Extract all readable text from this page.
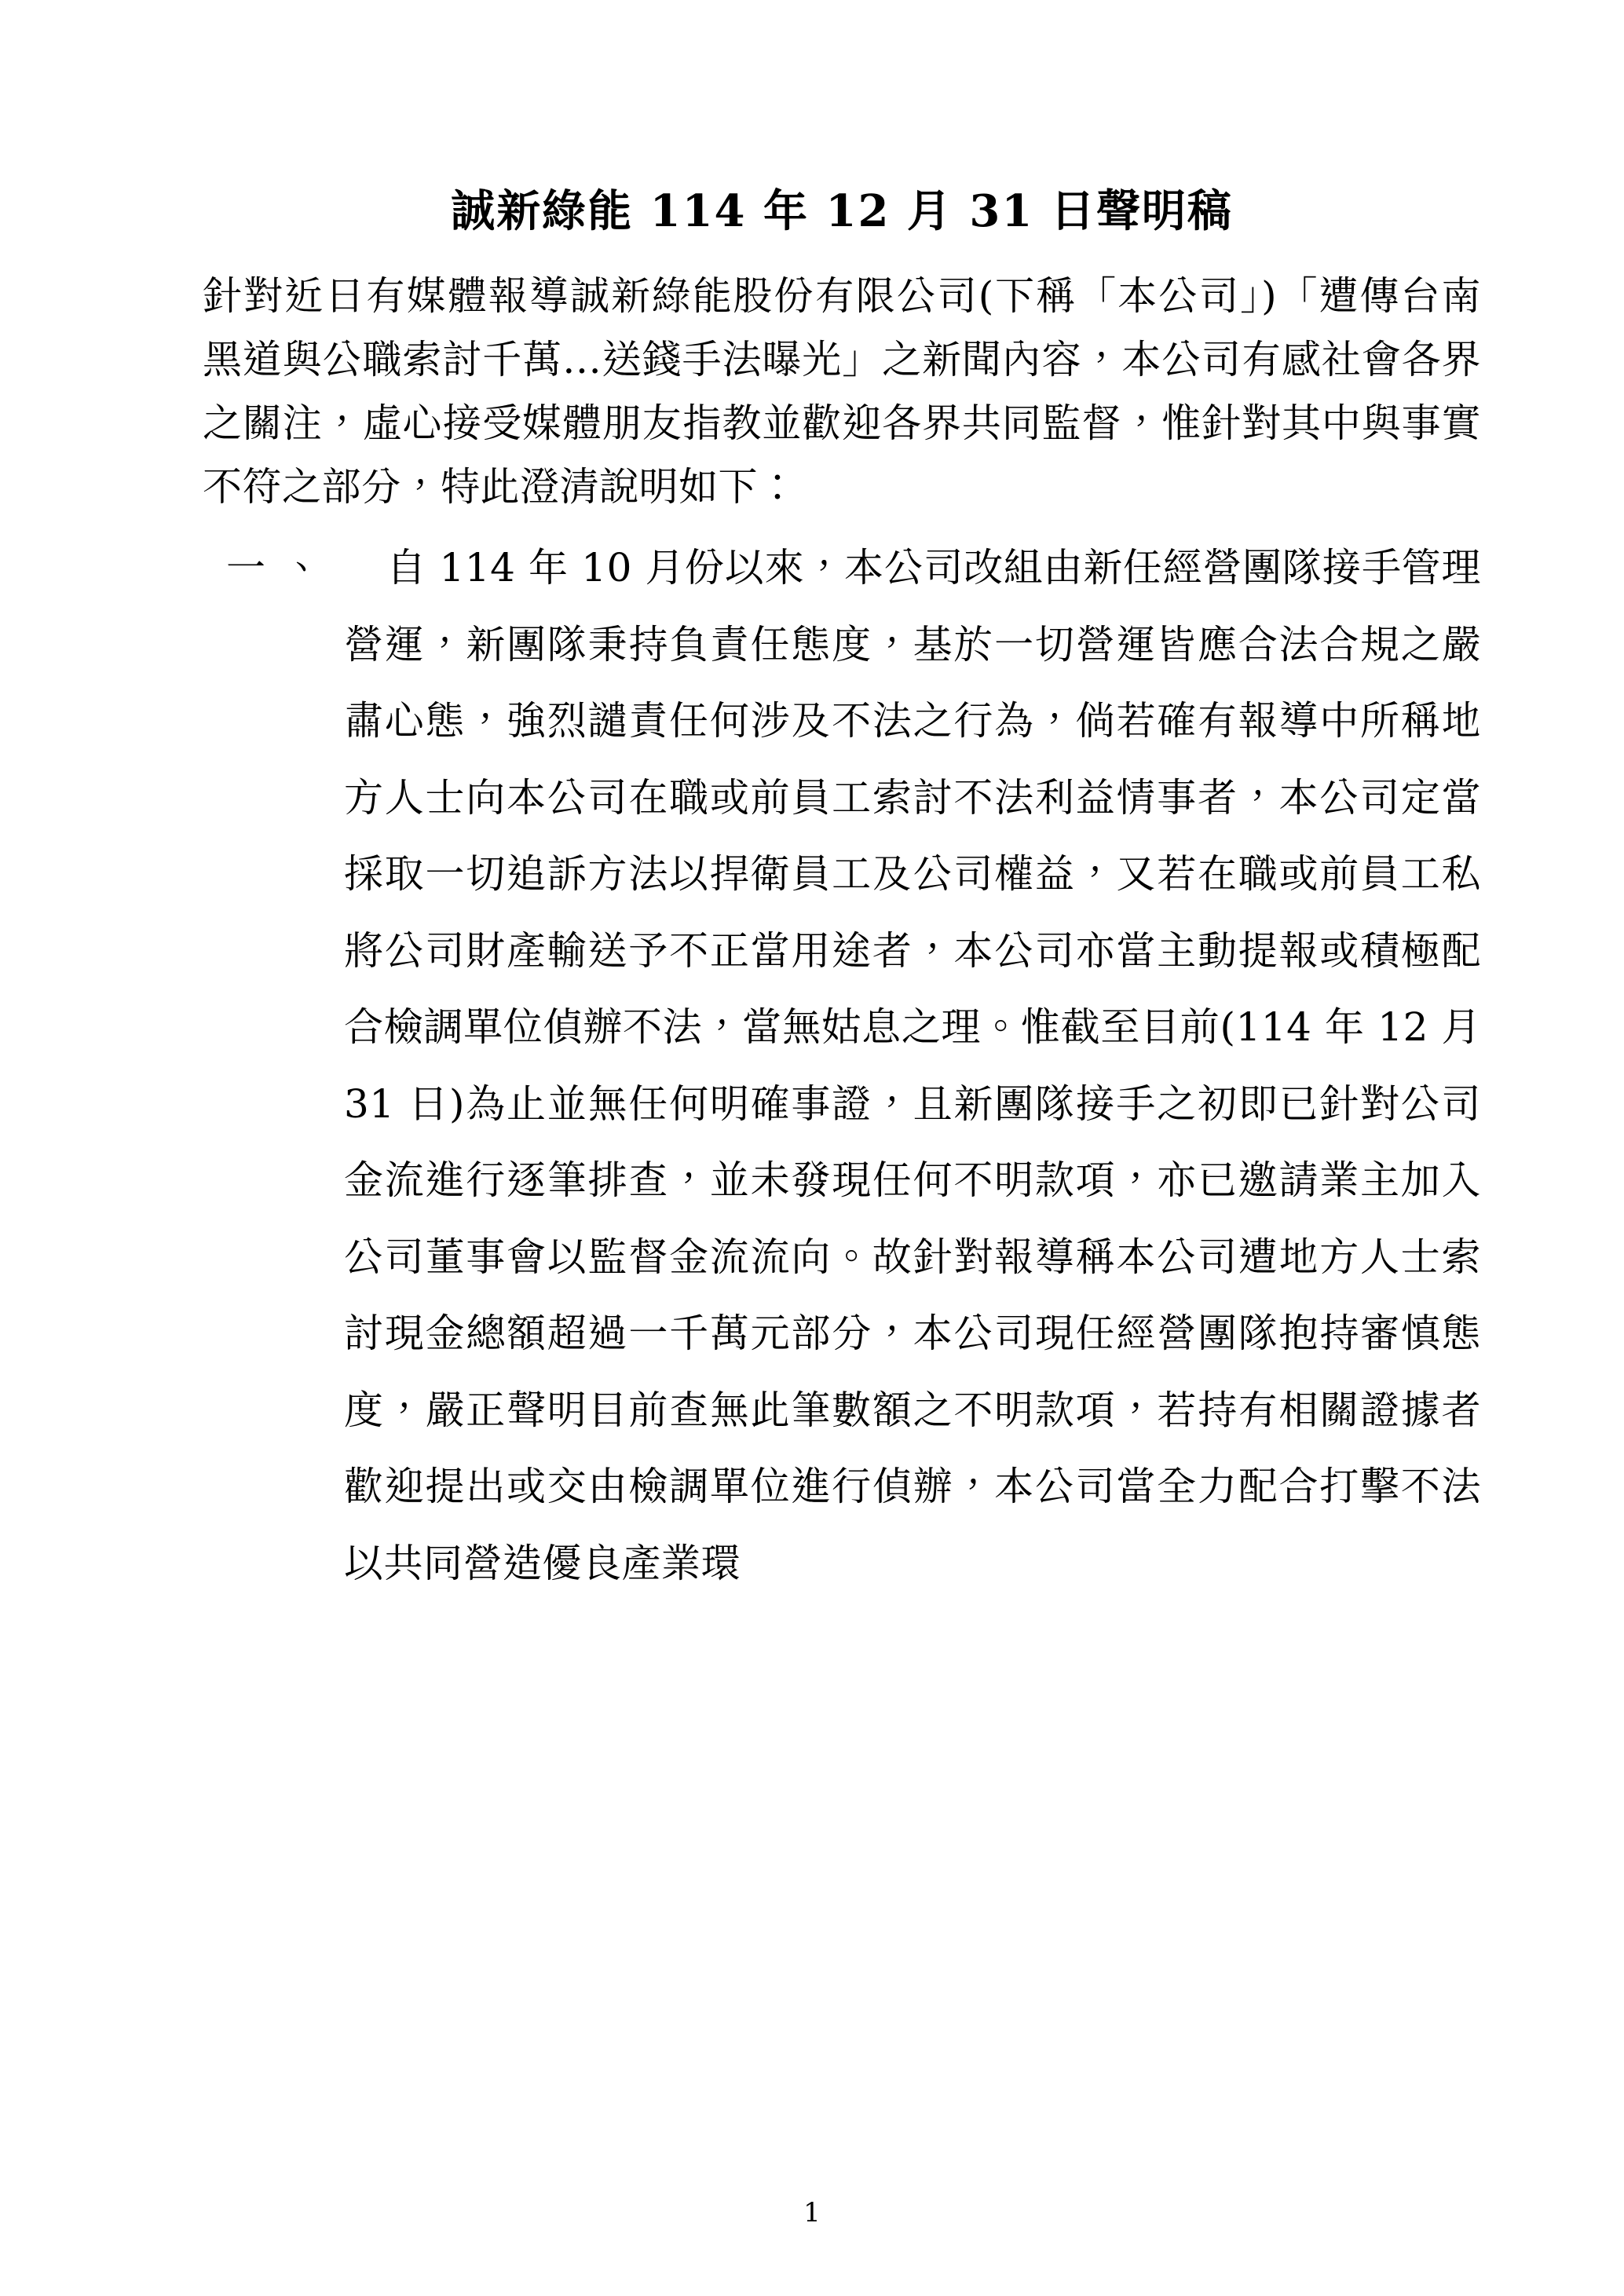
誠新綠能 114 年 12 月 31 日聲明稿

針對近日有媒體報導誠新綠能股份有限公司(下稱「本公司」)「遭傳台南黑道與公職索討千萬…送錢手法曝光」之新聞內容，本公司有感社會各界之關注，虛心接受媒體朋友指教並歡迎各界共同監督，惟針對其中與事實不符之部分，特此澄清說明如下：

一、	自 114 年 10 月份以來，本公司改組由新任經營團隊接手管理營運，新團隊秉持負責任態度，基於一切營運皆應合法合規之嚴肅心態，強烈譴責任何涉及不法之行為，倘若確有報導中所稱地方人士向本公司在職或前員工索討不法利益情事者，本公司定當採取一切追訴方法以捍衛員工及公司權益，又若在職或前員工私將公司財產輸送予不正當用途者，本公司亦當主動提報或積極配合檢調單位偵辦不法，當無姑息之理。惟截至目前(114 年 12 月 31 日)為止並無任何明確事證，且新團隊接手之初即已針對公司金流進行逐筆排查，並未發現任何不明款項，亦已邀請業主加入公司董事會以監督金流流向。故針對報導稱本公司遭地方人士索討現金總額超過一千萬元部分，本公司現任經營團隊抱持審慎態度，嚴正聲明目前查無此筆數額之不明款項，若持有相關證據者歡迎提出或交由檢調單位進行偵辦，本公司當全力配合打擊不法以共同營造優良產業環
1
